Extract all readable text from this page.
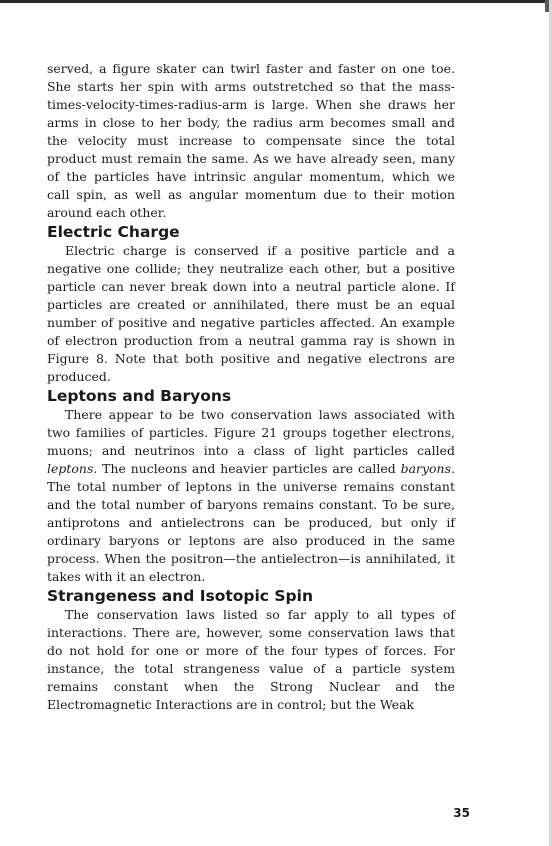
served, a figure skater can twirl faster and faster on one toe. She starts her spin with arms outstretched so that the mass-times-velocity-times-radius-arm is large. When she draws her arms in close to her body, the radius arm becomes small and the velocity must increase to compensate since the total product must remain the same. As we have already seen, many of the particles have intrinsic angular momentum, which we call spin, as well as angular momentum due to their motion around each other.

Electric Charge

Electric charge is conserved if a positive particle and a negative one collide; they neutralize each other, but a positive particle can never break down into a neutral particle alone. If particles are created or annihilated, there must be an equal number of positive and negative particles affected. An example of electron production from a neutral gamma ray is shown in Figure 8. Note that both positive and negative electrons are produced.

Leptons and Baryons

There appear to be two conservation laws associated with two families of particles. Figure 21 groups together electrons, muons; and neutrinos into a class of light particles called leptons. The nucleons and heavier particles are called baryons. The total number of leptons in the universe remains constant and the total number of baryons remains constant. To be sure, antiprotons and antielectrons can be produced, but only if ordinary baryons or leptons are also produced in the same process. When the positron—the antielectron—is annihilated, it takes with it an electron.

Strangeness and Isotopic Spin

The conservation laws listed so far apply to all types of interactions. There are, however, some conservation laws that do not hold for one or more of the four types of forces. For instance, the total strangeness value of a particle system remains constant when the Strong Nuclear and the Electromagnetic Interactions are in control; but the Weak

35
